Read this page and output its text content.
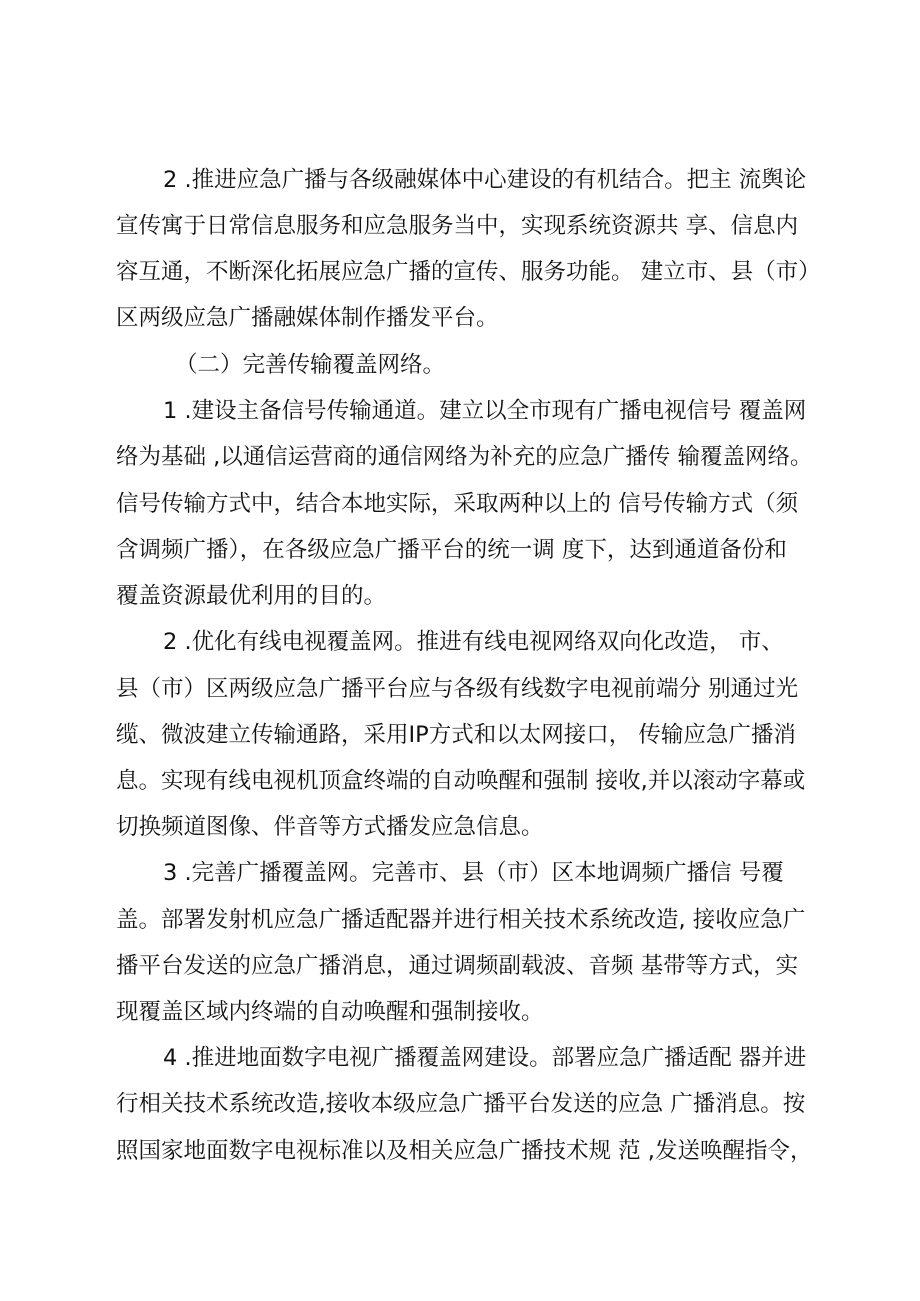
2 .推进应急广播与各级融媒体中心建设的有机结合。把主 流舆论
宣传寓于日常信息服务和应急服务当中，实现系统资源共 享、信息内
容互通，不断深化拓展应急广播的宣传、服务功能。 建立市、县（市）
区两级应急广播融媒体制作播发平台。
（二）完善传输覆盖网络。
1 .建设主备信号传输通道。建立以全市现有广播电视信号 覆盖网
络为基础 ,以通信运营商的通信网络为补充的应急广播传 输覆盖网络。
信号传输方式中，结合本地实际，采取两种以上的 信号传输方式（须
含调频广播），在各级应急广播平台的统一调 度下，达到通道备份和
覆盖资源最优利用的目的。
2 .优化有线电视覆盖网。推进有线电视网络双向化改造， 市、
县（市）区两级应急广播平台应与各级有线数字电视前端分 别通过光
缆、微波建立传输通路，采用IP方式和以太网接口， 传输应急广播消
息。实现有线电视机顶盒终端的自动唤醒和强制 接收,并以滚动字幕或
切换频道图像、伴音等方式播发应急信息。
3 .完善广播覆盖网。完善市、县（市）区本地调频广播信 号覆
盖。部署发射机应急广播适配器并进行相关技术系统改造, 接收应急广
播平台发送的应急广播消息，通过调频副载波、音频 基带等方式，实
现覆盖区域内终端的自动唤醒和强制接收。
4 .推进地面数字电视广播覆盖网建设。部署应急广播适配 器并进
行相关技术系统改造,接收本级应急广播平台发送的应急 广播消息。按
照国家地面数字电视标准以及相关应急广播技术规 范 ,发送唤醒指令，
